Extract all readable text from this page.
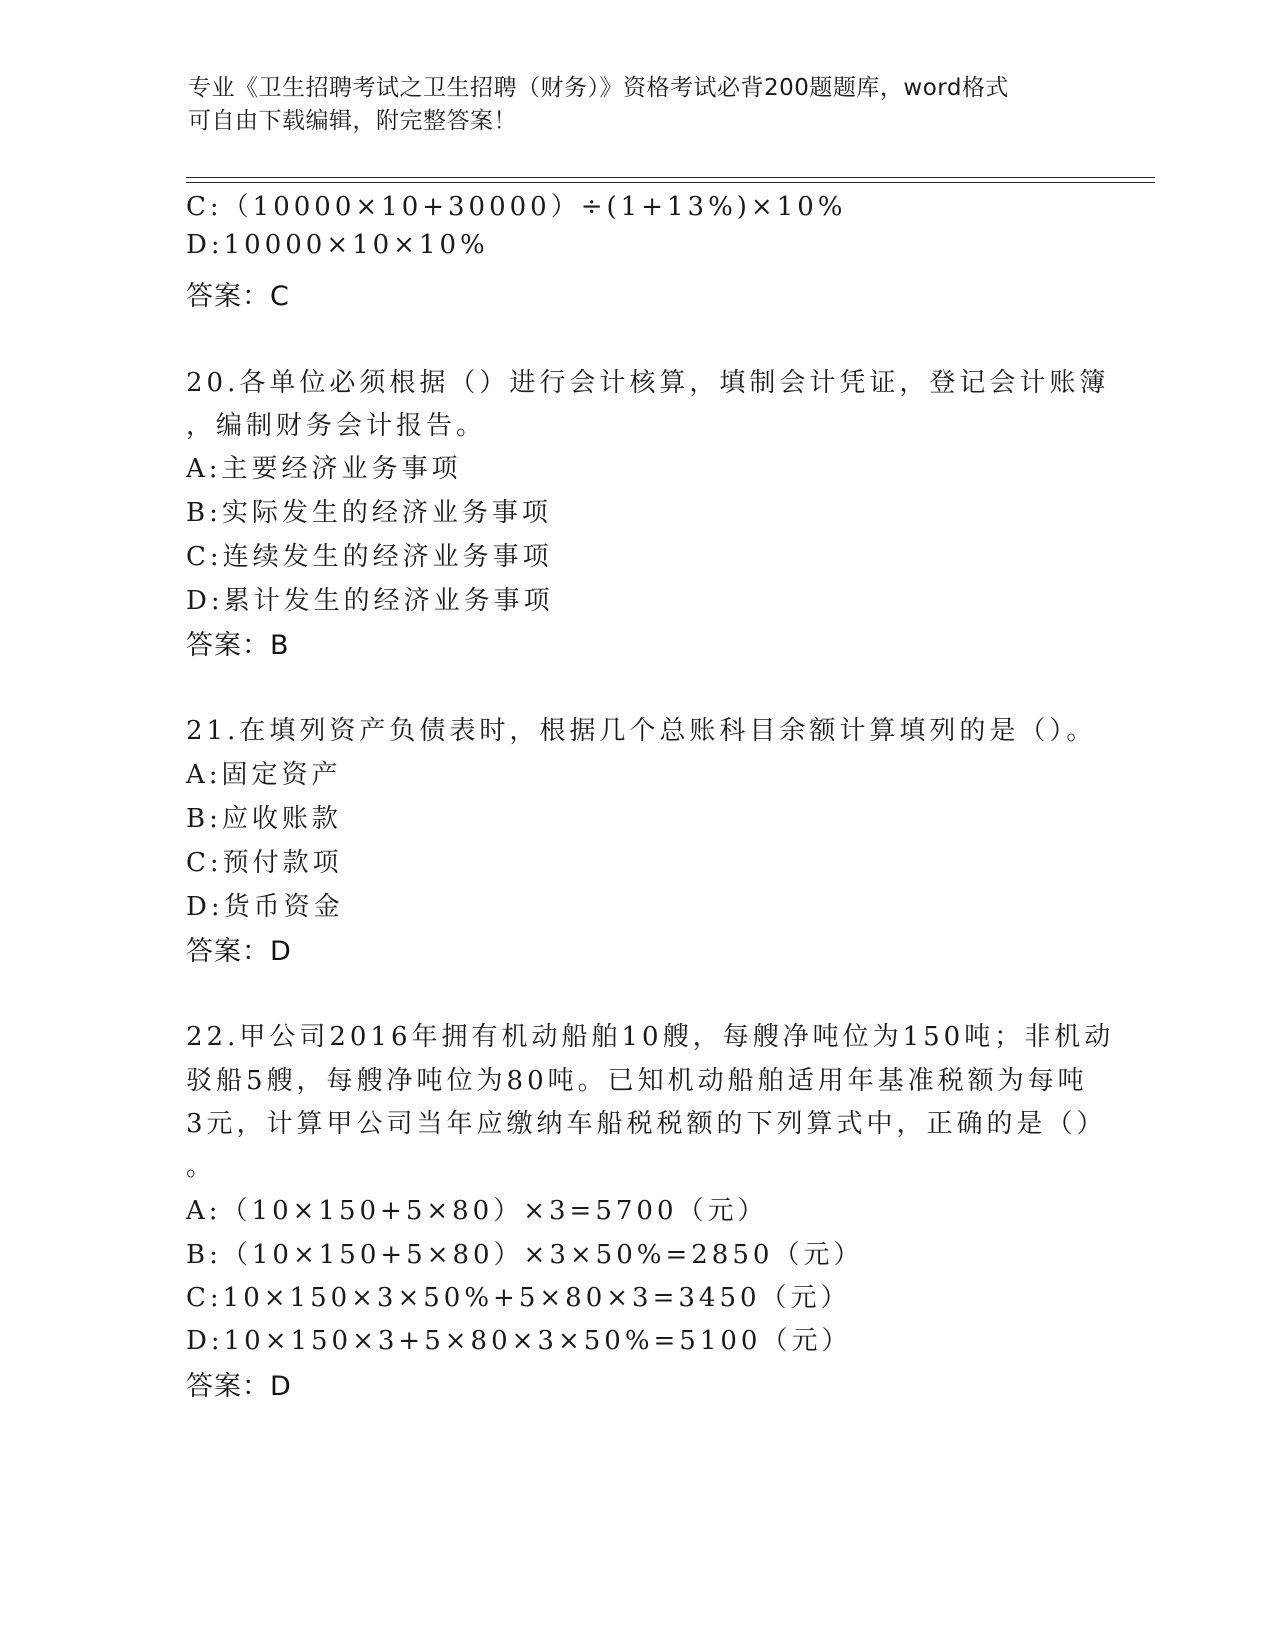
专业《卫生招聘考试之卫生招聘（财务）》资格考试必背200题题库，word格式
可自由下载编辑，附完整答案！
C:（10000×10+30000）÷(1+13%)×10%
D:10000×10×10%
答案：C
20.各单位必须根据（）进行会计核算，填制会计凭证，登记会计账簿
，编制财务会计报告。
A:主要经济业务事项
B:实际发生的经济业务事项
C:连续发生的经济业务事项
D:累计发生的经济业务事项
答案：B
21.在填列资产负债表时，根据几个总账科目余额计算填列的是（）。
A:固定资产
B:应收账款
C:预付款项
D:货币资金
答案：D
22.甲公司2016年拥有机动船舶10艘，每艘净吨位为150吨；非机动
驳船5艘，每艘净吨位为80吨。已知机动船舶适用年基准税额为每吨
3元，计算甲公司当年应缴纳车船税税额的下列算式中，正确的是（）
。
A:（10×150+5×80）×3=5700（元）
B:（10×150+5×80）×3×50%=2850（元）
C:10×150×3×50%+5×80×3=3450（元）
D:10×150×3+5×80×3×50%=5100（元）
答案：D
